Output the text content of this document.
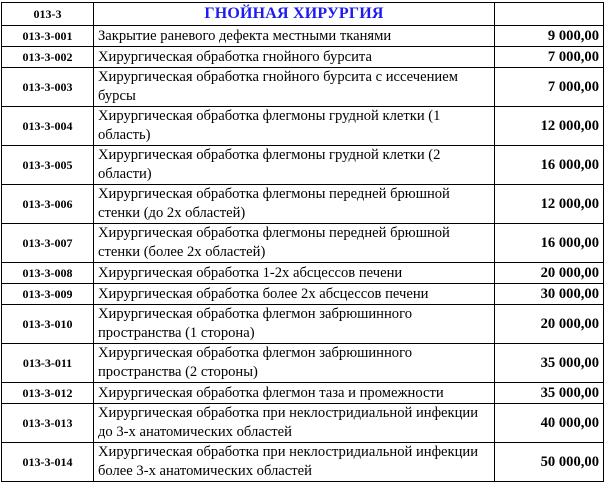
013-3	ГНОЙНАЯ ХИРУРГИЯ	
013-3-001	Закрытие раневого дефекта местными тканями	9 000,00
013-3-002	Хирургическая обработка гнойного бурсита	7 000,00
013-3-003	Хирургическая обработка гнойного бурсита с иссечением бурсы	7 000,00
013-3-004	Хирургическая обработка флегмоны грудной клетки (1 область)	12 000,00
013-3-005	Хирургическая обработка флегмоны грудной клетки (2 области)	16 000,00
013-3-006	Хирургическая обработка флегмоны передней брюшной стенки (до 2х областей)	12 000,00
013-3-007	Хирургическая обработка флегмоны передней брюшной стенки (более 2х областей)	16 000,00
013-3-008	Хирургическая обработка 1-2х абсцессов печени	20 000,00
013-3-009	Хирургическая обработка более 2х абсцессов печени	30 000,00
013-3-010	Хирургическая обработка флегмон забрюшинного пространства (1 сторона)	20 000,00
013-3-011	Хирургическая обработка флегмон забрюшинного пространства (2 стороны)	35 000,00
013-3-012	Хирургическая обработка флегмон таза и промежности	35 000,00
013-3-013	Хирургическая обработка при неклостридиальной инфекции до 3-х анатомических областей	40 000,00
013-3-014	Хирургическая обработка при неклостридиальной инфекции более 3-х анатомических областей	50 000,00
